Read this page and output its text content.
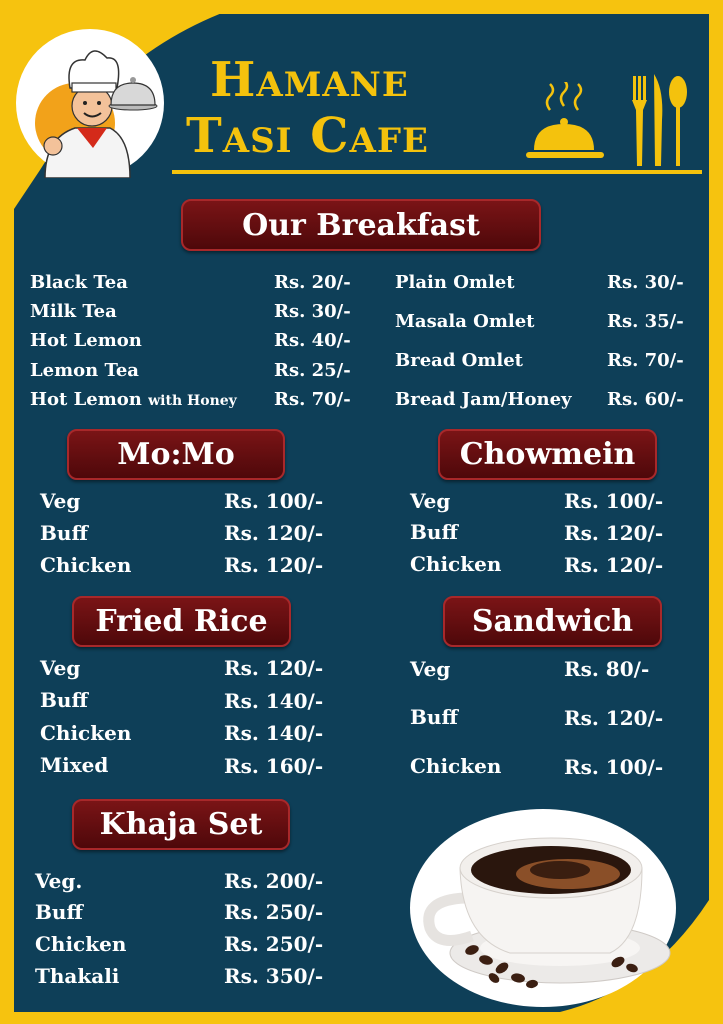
Hamane
Tasi Cafe
Our Breakfast
Black Tea	Rs. 20/-
Milk Tea	Rs. 30/-
Hot Lemon	Rs. 40/-
Lemon Tea	Rs. 25/-
Hot Lemon with Honey Rs. 70/-
Plain Omlet	Rs. 30/-
Masala Omlet	Rs. 35/-
Bread Omlet	Rs. 70/-
Bread Jam/Honey Rs. 60/-
Mo:Mo
Veg	Rs. 100/-
Buff	Rs. 120/-
Chicken	Rs. 120/-
Chowmein
Veg	Rs. 100/-
Buff	Rs. 120/-
Chicken	Rs. 120/-
Fried Rice
Veg	Rs. 120/-
Buff	Rs. 140/-
Chicken	Rs. 140/-
Mixed	Rs. 160/-
Sandwich
Veg	Rs. 80/-
Buff	Rs. 120/-
Chicken	Rs. 100/-
Khaja Set
Veg.	Rs. 200/-
Buff	Rs. 250/-
Chicken	Rs. 250/-
Thakali	Rs. 350/-
